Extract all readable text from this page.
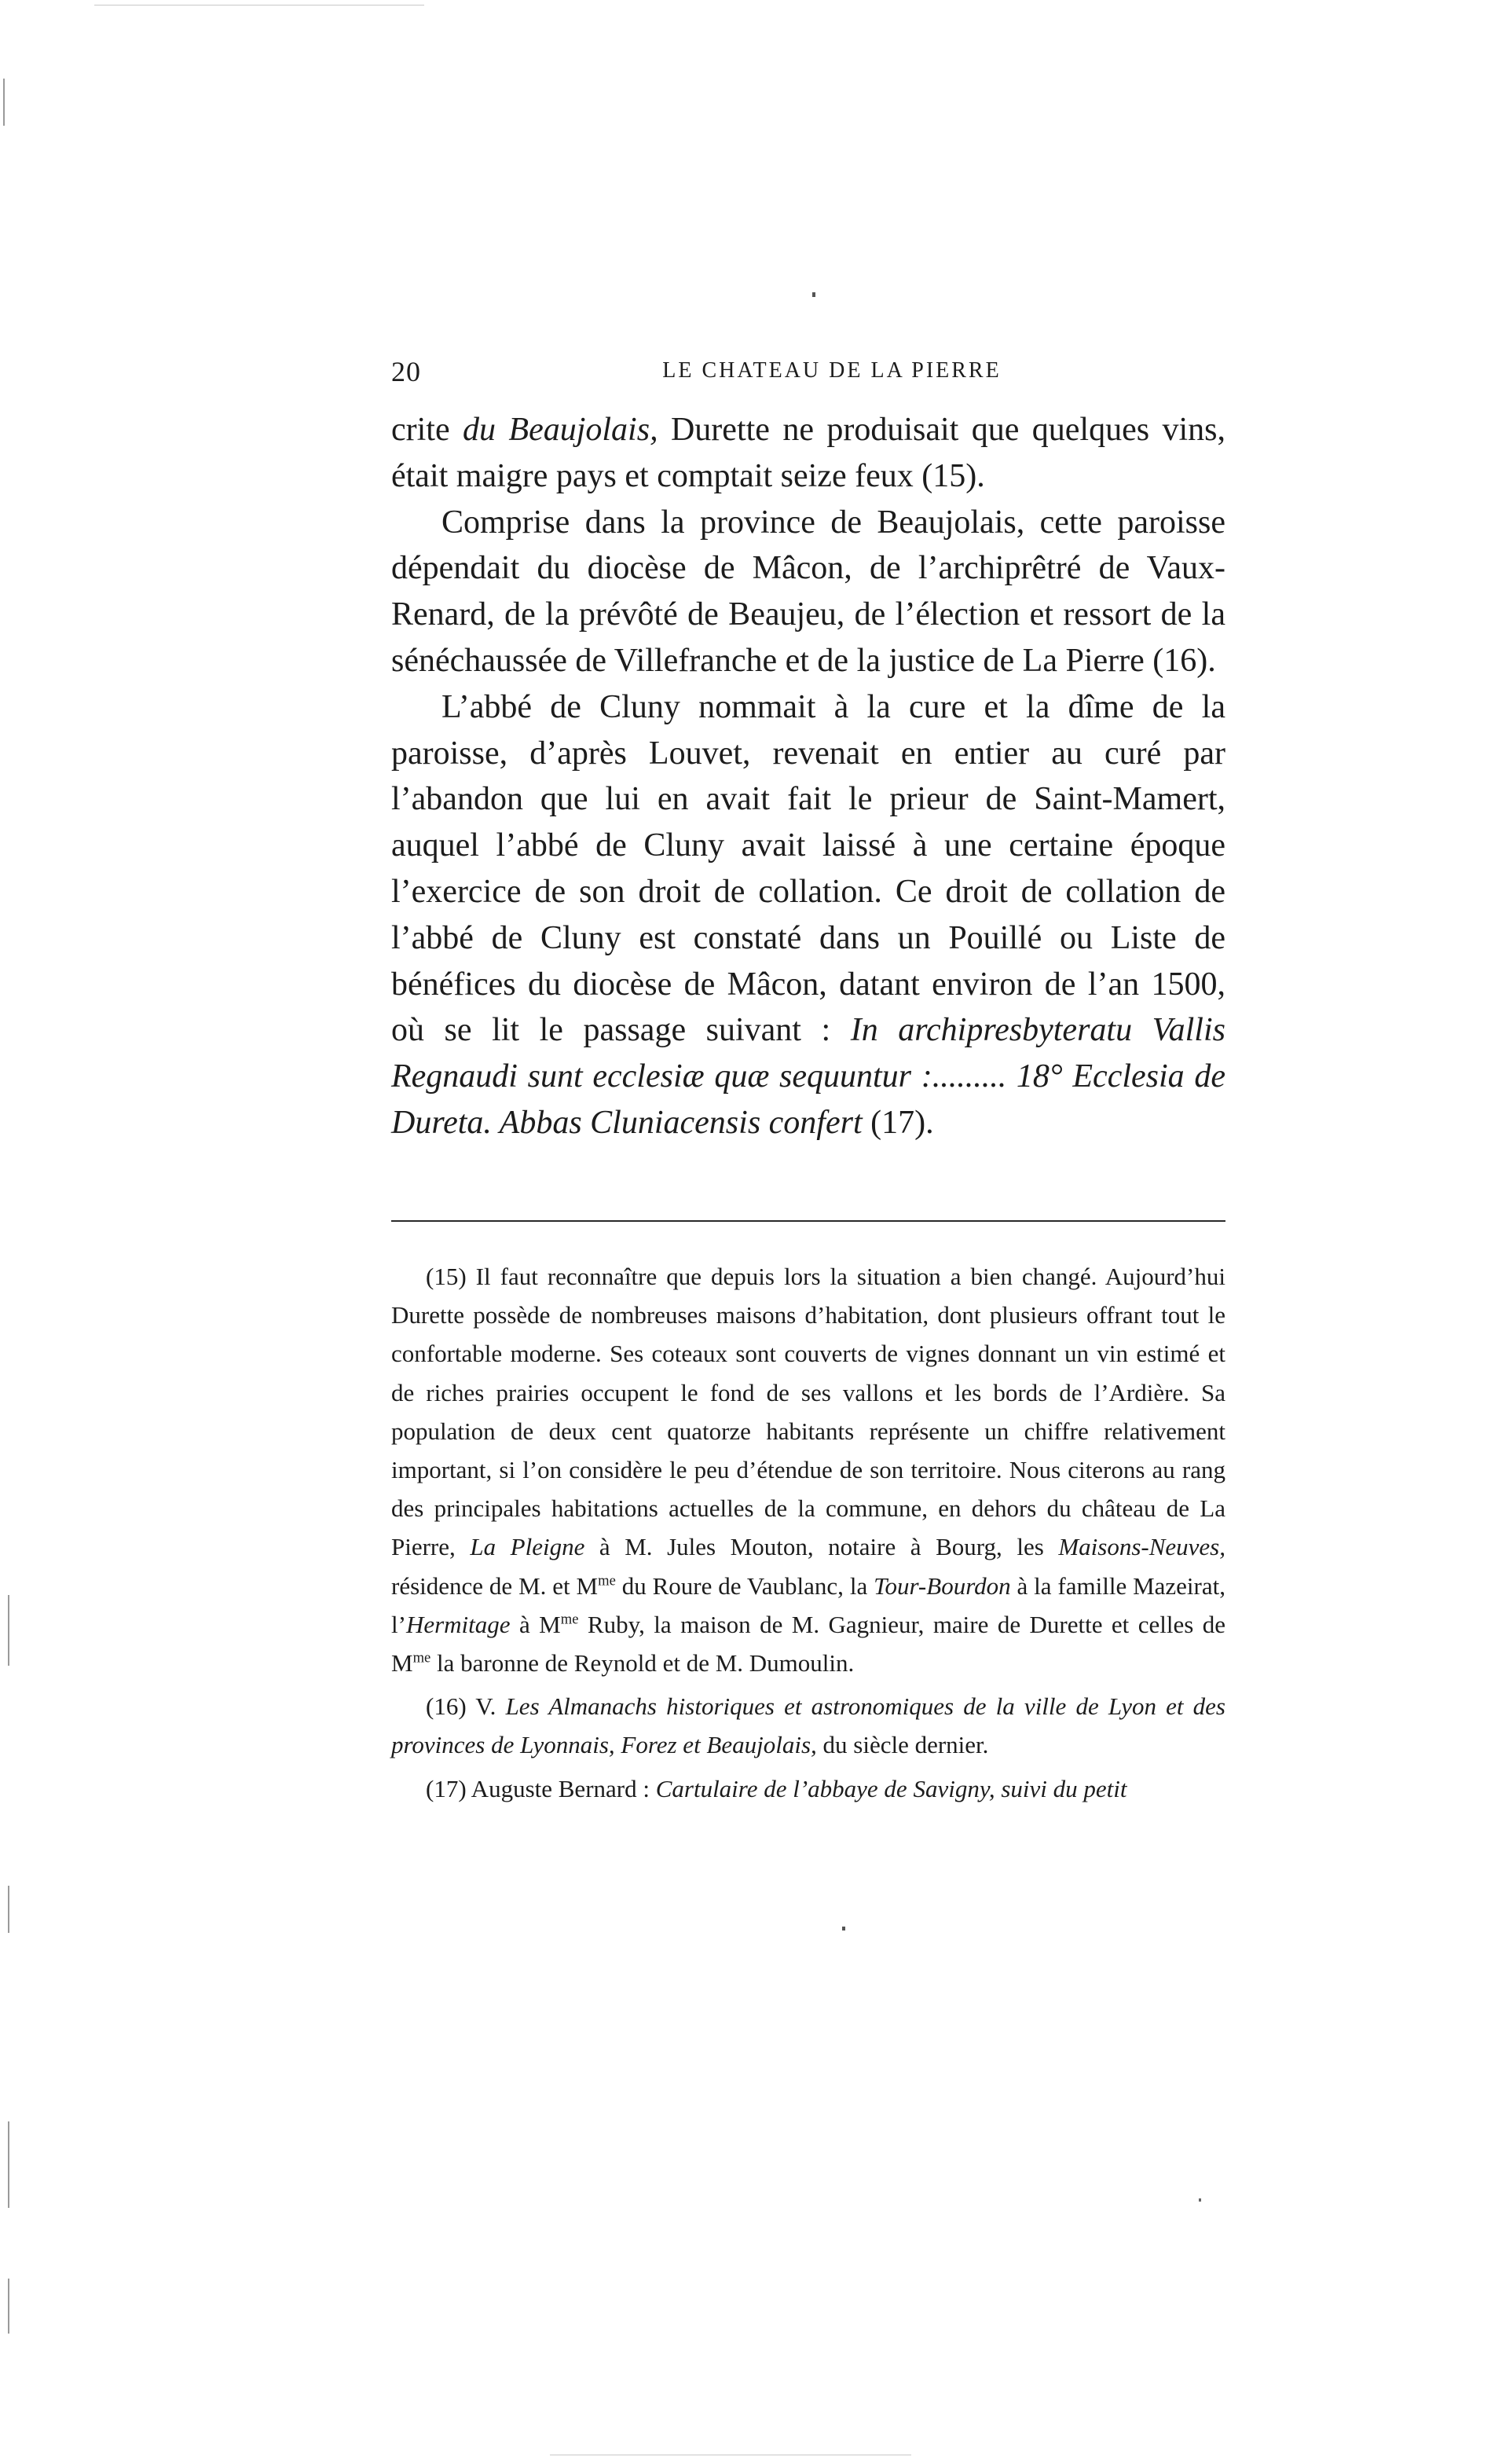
20	LE CHATEAU DE LA PIERRE

crite du Beaujolais, Durette ne produisait que quelques vins, était maigre pays et comptait seize feux (15).

Comprise dans la province de Beaujolais, cette paroisse dépendait du diocèse de Mâcon, de l’archiprêtré de Vaux-Renard, de la prévôté de Beaujeu, de l’élection et ressort de la sénéchaussée de Villefranche et de la justice de La Pierre (16).

L’abbé de Cluny nommait à la cure et la dîme de la paroisse, d’après Louvet, revenait en entier au curé par l’abandon que lui en avait fait le prieur de Saint-Mamert, auquel l’abbé de Cluny avait laissé à une certaine époque l’exercice de son droit de collation. Ce droit de collation de l’abbé de Cluny est constaté dans un Pouillé ou Liste de bénéfices du diocèse de Mâcon, datant environ de l’an 1500, où se lit le passage suivant : In archipresbyteratu Vallis Regnaudi sunt ecclesiæ quæ sequuntur :......... 18° Ecclesia de Dureta. Abbas Cluniacensis confert (17).

(15) Il faut reconnaître que depuis lors la situation a bien changé. Aujourd’hui Durette possède de nombreuses maisons d’habitation, dont plusieurs offrant tout le confortable moderne. Ses coteaux sont couverts de vignes donnant un vin estimé et de riches prairies occupent le fond de ses vallons et les bords de l’Ardière. Sa population de deux cent quatorze habitants représente un chiffre relativement important, si l’on considère le peu d’étendue de son territoire. Nous citerons au rang des principales habitations actuelles de la commune, en dehors du château de La Pierre, La Pleigne à M. Jules Mouton, notaire à Bourg, les Maisons-Neuves, résidence de M. et $M^{me}$ du Roure de Vaublanc, la Tour-Bourdon à la famille Mazeirat, l’Hermitage à $M^{me}$ Ruby, la maison de M. Gagnieur, maire de Durette et celles de $M^{me}$ la baronne de Reynold et de M. Dumoulin.

(16) V. Les Almanachs historiques et astronomiques de la ville de Lyon et des provinces de Lyonnais, Forez et Beaujolais, du siècle dernier.

(17) Auguste Bernard : Cartulaire de l’abbaye de Savigny, suivi du petit
